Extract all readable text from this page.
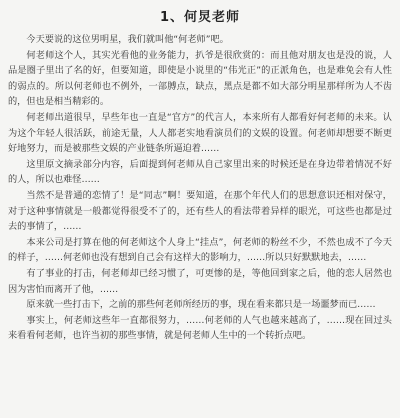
1、何炅老师

今天要说的这位男明星，我们就叫他“何老师”吧。

何老师这个人，其实光看他的业务能力，扒爷是很欣赏的：而且他对朋友也是没的说，人品是圈子里出了名的好，但要知道，即使是小说里的“伟光正”的正派角色，也是难免会有人性的弱点的。所以何老师也不例外，一部膊点，缺点，黑点是都不如大部分明星那样所为人不齿的，但也是相当精彩的。

何老师出道很早，早些年也一直是“官方”的代言人，本来所有人都看好何老师的未来。认为这个年轻人很活跃，前途无量，人人都老实地看演员们的文娱的设置。何老师却想要不断更好地努力，而是被那些文娱的产业链条所逼迫着……

这里原文摘录部分内容，后面提到何老师从自己家里出来的时候还是在身边带着情况不好的人，所以也难怪……

当然不是普通的恋情了！是“同志”啊！要知道，在那个年代人们的思想意识还相对保守，对于这种事情就是一般都觉得很受不了的，还有些人的看法带着异样的眼光，可这些也都是过去的事情了，……

本来公司是打算在他的何老师这个人身上“挂点”，何老师的粉丝不少，不然也成不了今天的样子，……何老师也没有想到自己会有这样大的影响力，……所以只好默默地去，……

有了事业的打击，何老师却已经习惯了，可更惨的是，等他回到家之后，他的恋人居然也因为害怕而离开了他，……

原来就一些打击下，之前的那些何老师所经历的事，现在看来都只是一场噩梦而已……

事实上，何老师这些年一直都很努力，……何老师的人气也越来越高了，……现在回过头来看看何老师，也许当初的那些事情，就是何老师人生中的一个转折点吧。
